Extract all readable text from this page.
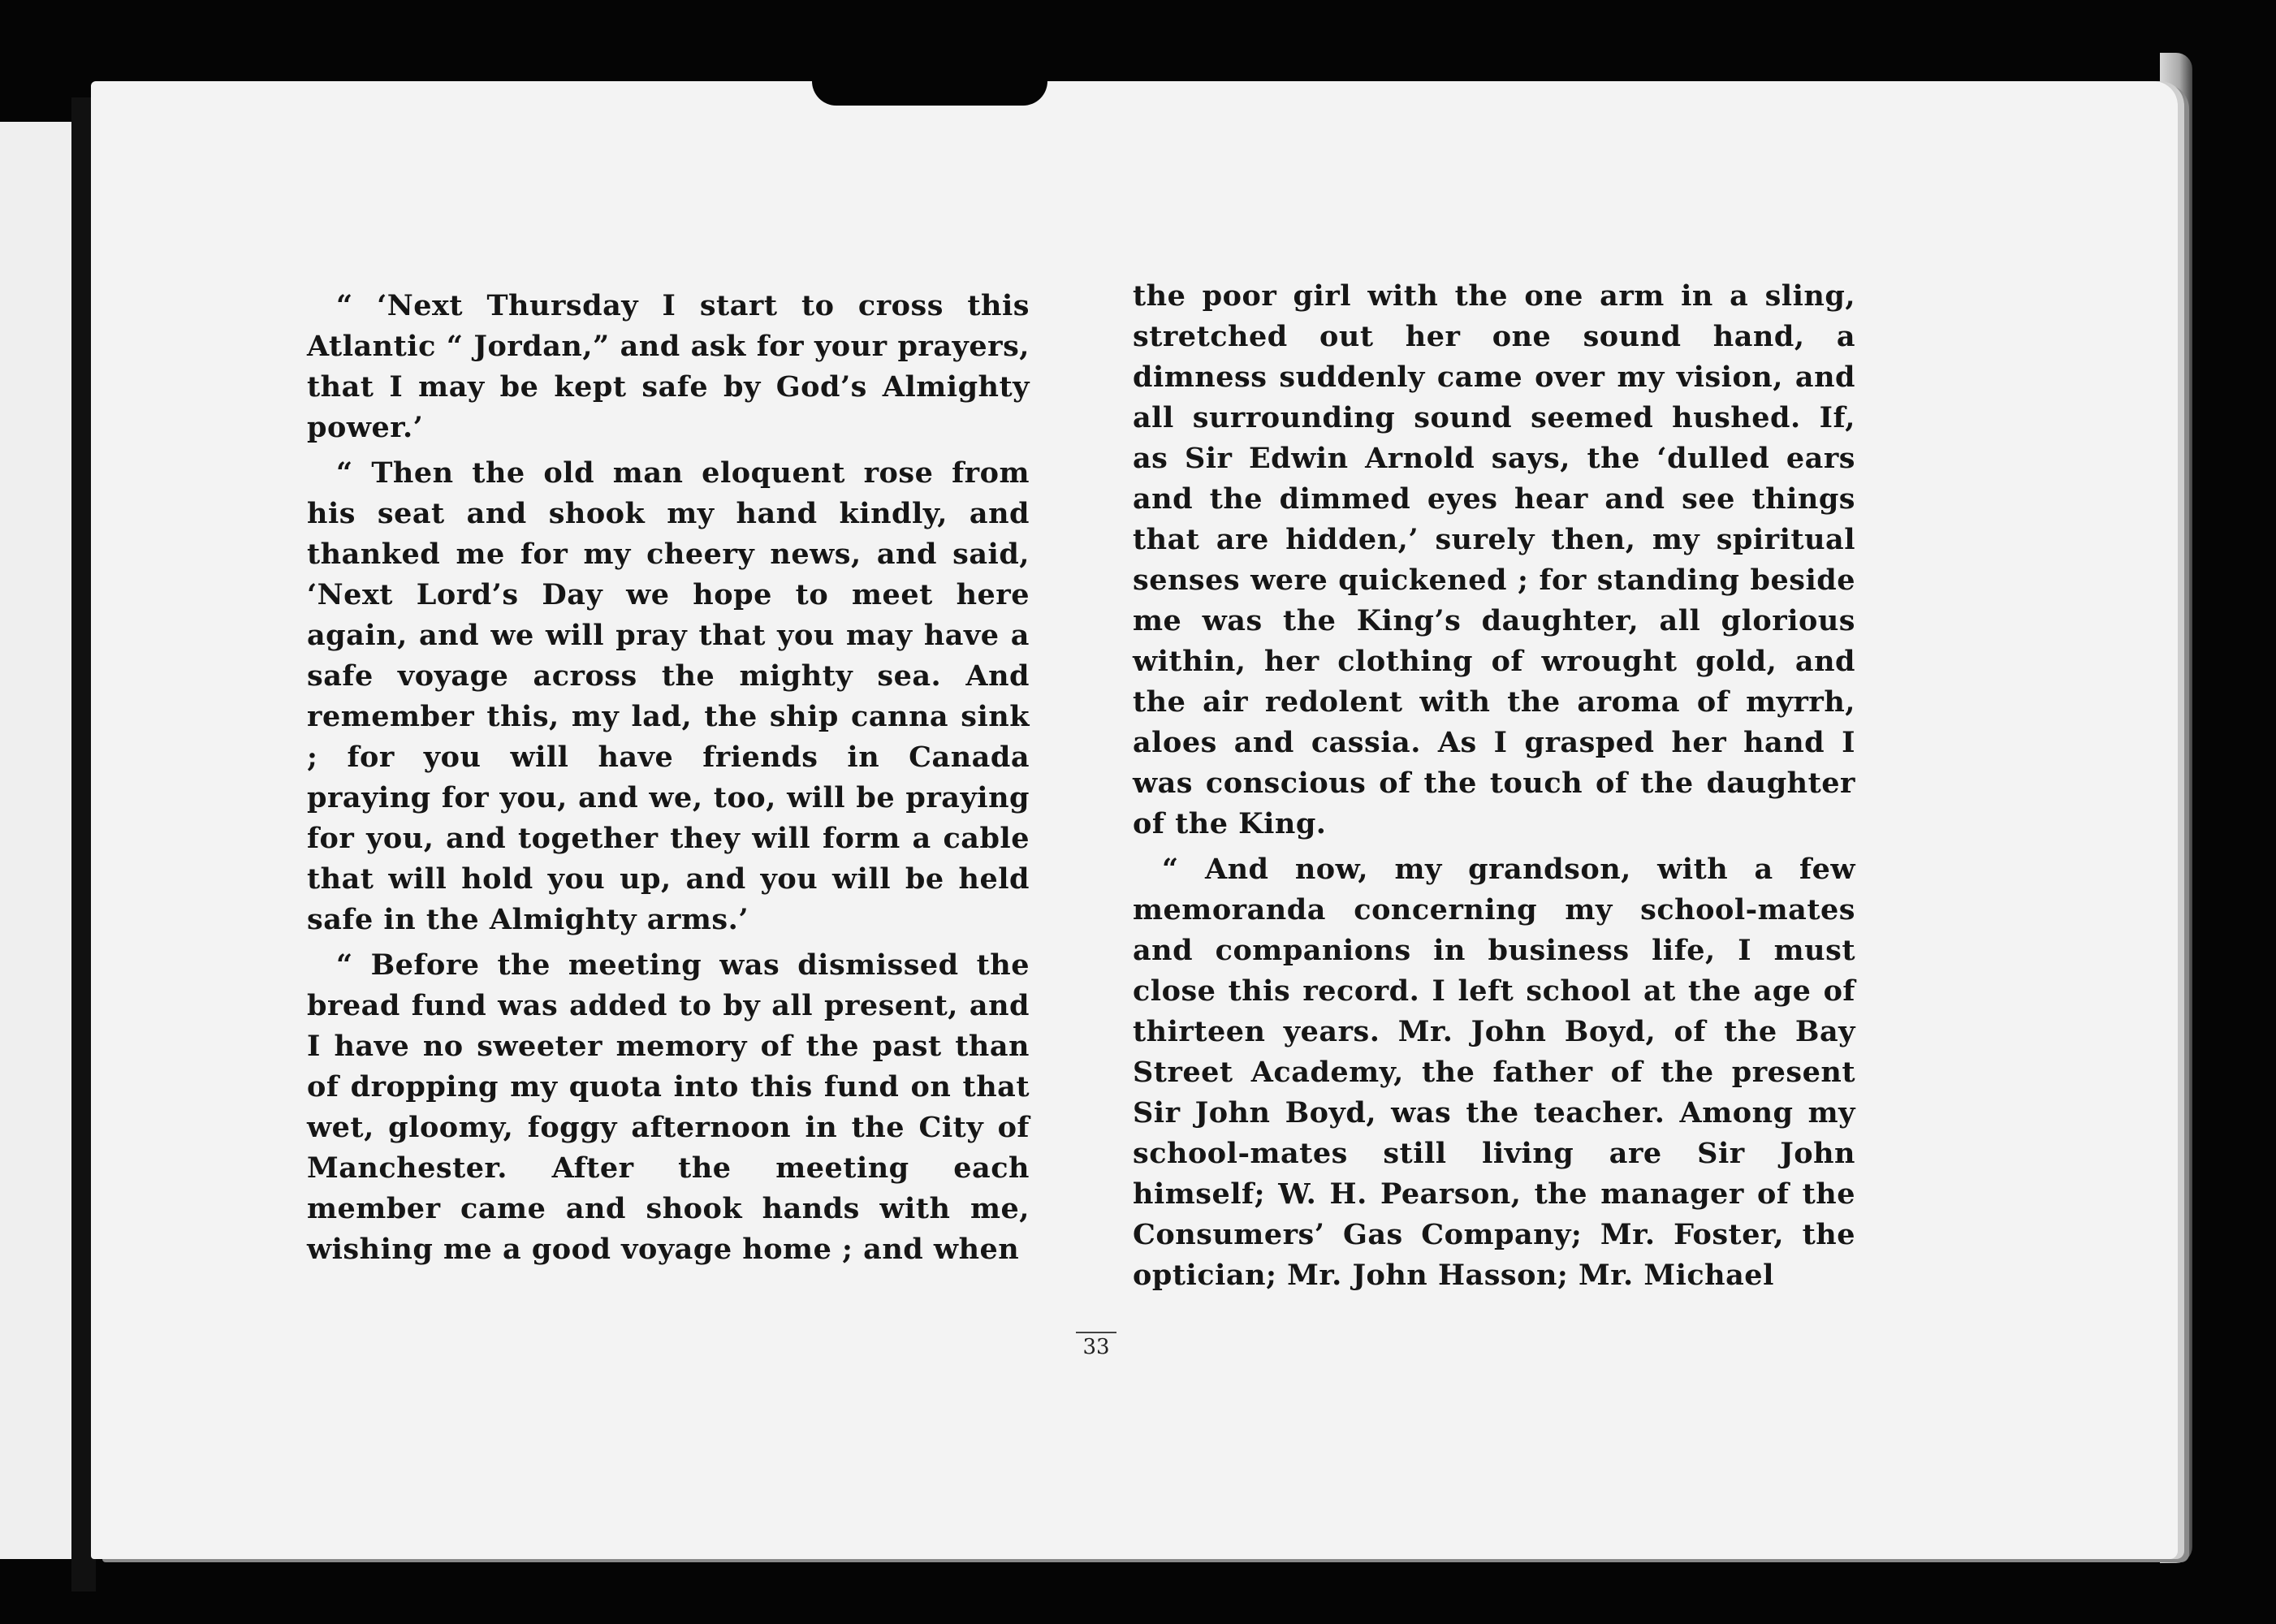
“ ‘Next Thursday I start to cross this Atlantic “ Jordan,” and ask for your prayers, that I may be kept safe by God’s Almighty power.’

“ Then the old man eloquent rose from his seat and shook my hand kindly, and thanked me for my cheery news, and said, ‘Next Lord’s Day we hope to meet here again, and we will pray that you may have a safe voyage across the mighty sea. And remember this, my lad, the ship canna sink ; for you will have friends in Canada praying for you, and we, too, will be praying for you, and together they will form a cable that will hold you up, and you will be held safe in the Almighty arms.’

“ Before the meeting was dismissed the bread fund was added to by all present, and I have no sweeter memory of the past than of dropping my quota into this fund on that wet, gloomy, foggy afternoon in the City of Manchester. After the meeting each member came and shook hands with me, wishing me a good voyage home ; and when

the poor girl with the one arm in a sling, stretched out her one sound hand, a dimness suddenly came over my vision, and all surrounding sound seemed hushed. If, as Sir Edwin Arnold says, the ‘dulled ears and the dimmed eyes hear and see things that are hidden,’ surely then, my spiritual senses were quickened ; for standing beside me was the King’s daughter, all glorious within, her clothing of wrought gold, and the air redolent with the aroma of myrrh, aloes and cassia. As I grasped her hand I was conscious of the touch of the daughter of the King.

“ And now, my grandson, with a few memoranda concerning my school-mates and companions in business life, I must close this record. I left school at the age of thirteen years. Mr. John Boyd, of the Bay Street Academy, the father of the present Sir John Boyd, was the teacher. Among my school-mates still living are Sir John himself; W. H. Pearson, the manager of the Consumers’ Gas Company; Mr. Foster, the optician; Mr. John Hasson; Mr. Michael

33
